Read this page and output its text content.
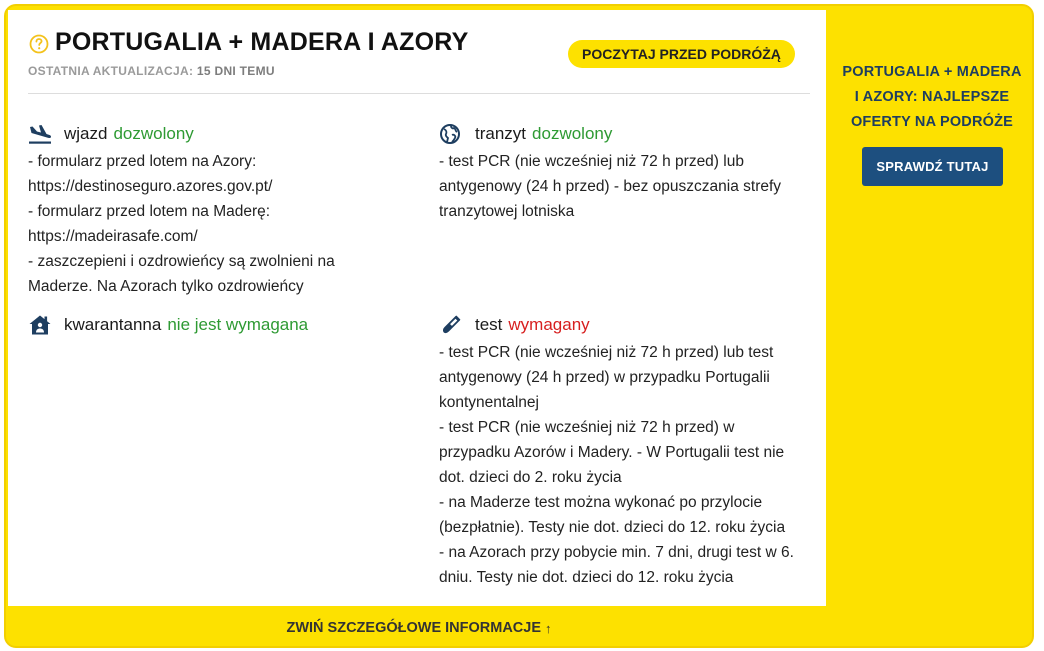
PORTUGALIA + MADERA I AZORY
OSTATNIA AKTUALIZACJA: 15 DNI TEMU
POCZYTAJ PRZED PODRÓŻĄ
wjazd dozwolony
- formularz przed lotem na Azory:
https://destinoseguro.azores.gov.pt/
- formularz przed lotem na Maderę:
https://madeirasafe.com/
- zaszczepieni i ozdrowieńcy są zwolnieni na
Maderze. Na Azorach tylko ozdrowieńcy
tranzyt dozwolony
- test PCR (nie wcześniej niż 72 h przed) lub
antygenowy (24 h przed) - bez opuszczania strefy
tranzytowej lotniska
kwarantanna nie jest wymagana	test wymagany
- test PCR (nie wcześniej niż 72 h przed) lub test
antygenowy (24 h przed) w przypadku Portugalii
kontynentalnej
- test PCR (nie wcześniej niż 72 h przed) w
przypadku Azorów i Madery. - W Portugalii test nie
dot. dzieci do 2. roku życia
- na Maderze test można wykonać po przylocie
(bezpłatnie). Testy nie dot. dzieci do 12. roku życia
- na Azorach przy pobycie min. 7 dni, drugi test w 6.
dniu. Testy nie dot. dzieci do 12. roku życia
PORTUGALIA + MADERA
I AZORY: NAJLEPSZE
OFERTY NA PODRÓŻE
SPRAWDŹ TUTAJ
ZWIŃ SZCZEGÓŁOWE INFORMACJE ↑
